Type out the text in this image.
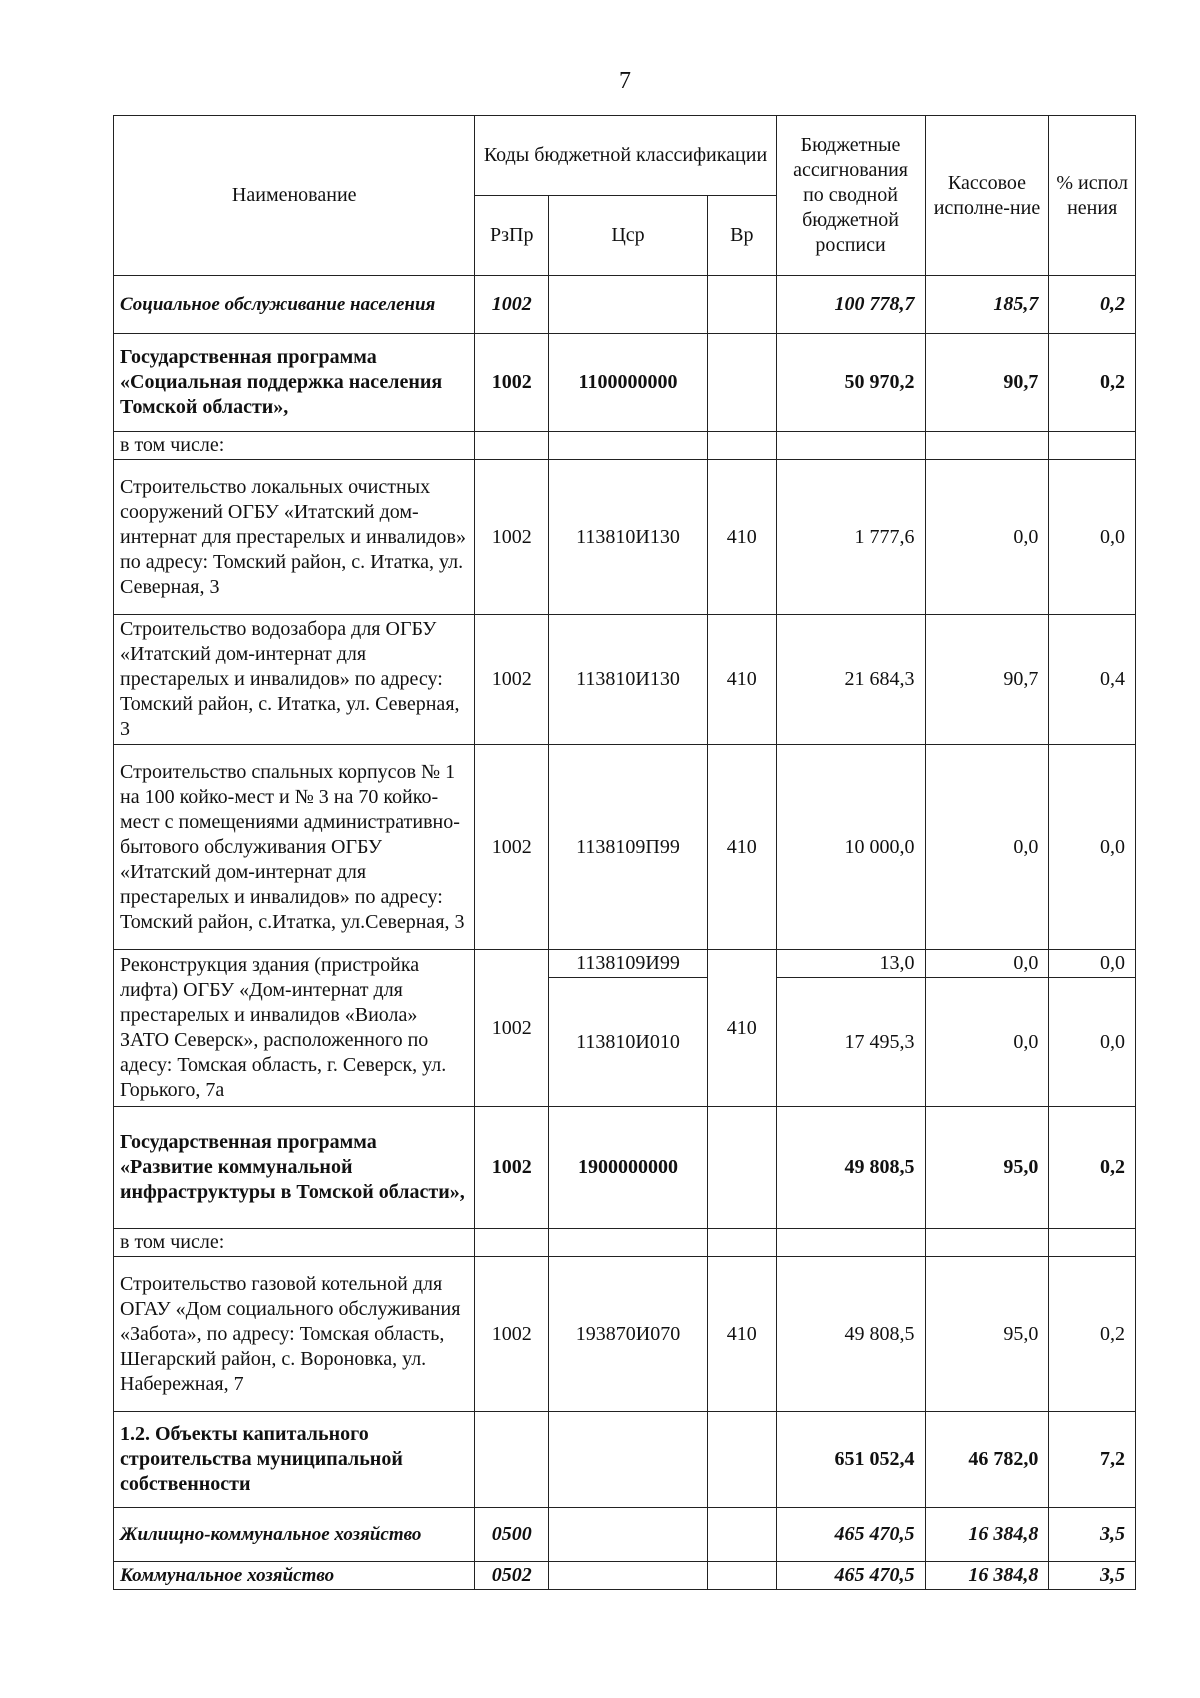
7
Наименование	Коды бюджетной классификации			Бюджетные ассигнования по сводной бюджетной росписи	Кассовое исполне-ние	% испол нения
	РзПр	Цср	Вр			
Социальное обслуживание населения	1002			100 778,7	185,7	0,2
Государственная программа «Социальная поддержка населения Томской области»,	1002	1100000000		50 970,2	90,7	0,2
в том числе:						
Строительство локальных очистных сооружений ОГБУ «Итатский дом-интернат для престарелых и инвалидов» по адресу: Томский район, с. Итатка, ул. Северная, 3	1002	113810И130	410	1 777,6	0,0	0,0
Строительство водозабора для ОГБУ «Итатский дом-интернат для престарелых и инвалидов» по адресу: Томский район, с. Итатка, ул. Северная, 3	1002	113810И130	410	21 684,3	90,7	0,4
Строительство спальных корпусов № 1 на 100 койко-мест и № 3 на 70 койко-мест с помещениями административно-бытового обслуживания ОГБУ «Итатский дом-интернат для престарелых и инвалидов» по адресу: Томский район, с.Итатка, ул.Северная, 3	1002	1138109П99	410	10 000,0	0,0	0,0
Реконструкция здания (пристройка лифта) ОГБУ «Дом-интернат для престарелых и инвалидов «Виола» ЗАТО Северск», расположенного по адесу: Томская область, г. Северск, ул. Горького, 7а	1002	1138109И99	410	13,0	0,0	0,0
		113810И010		17 495,3	0,0	0,0
Государственная программа «Развитие коммунальной инфраструктуры в Томской области»,	1002	1900000000		49 808,5	95,0	0,2
в том числе:						
Строительство газовой котельной для ОГАУ «Дом социального обслуживания «Забота», по адресу: Томская область, Шегарский район, с. Вороновка, ул. Набережная, 7	1002	193870И070	410	49 808,5	95,0	0,2
1.2. Объекты капитального строительства муниципальной собственности				651 052,4	46 782,0	7,2
Жилищно-коммунальное хозяйство	0500			465 470,5	16 384,8	3,5
Коммунальное хозяйство	0502			465 470,5	16 384,8	3,5
